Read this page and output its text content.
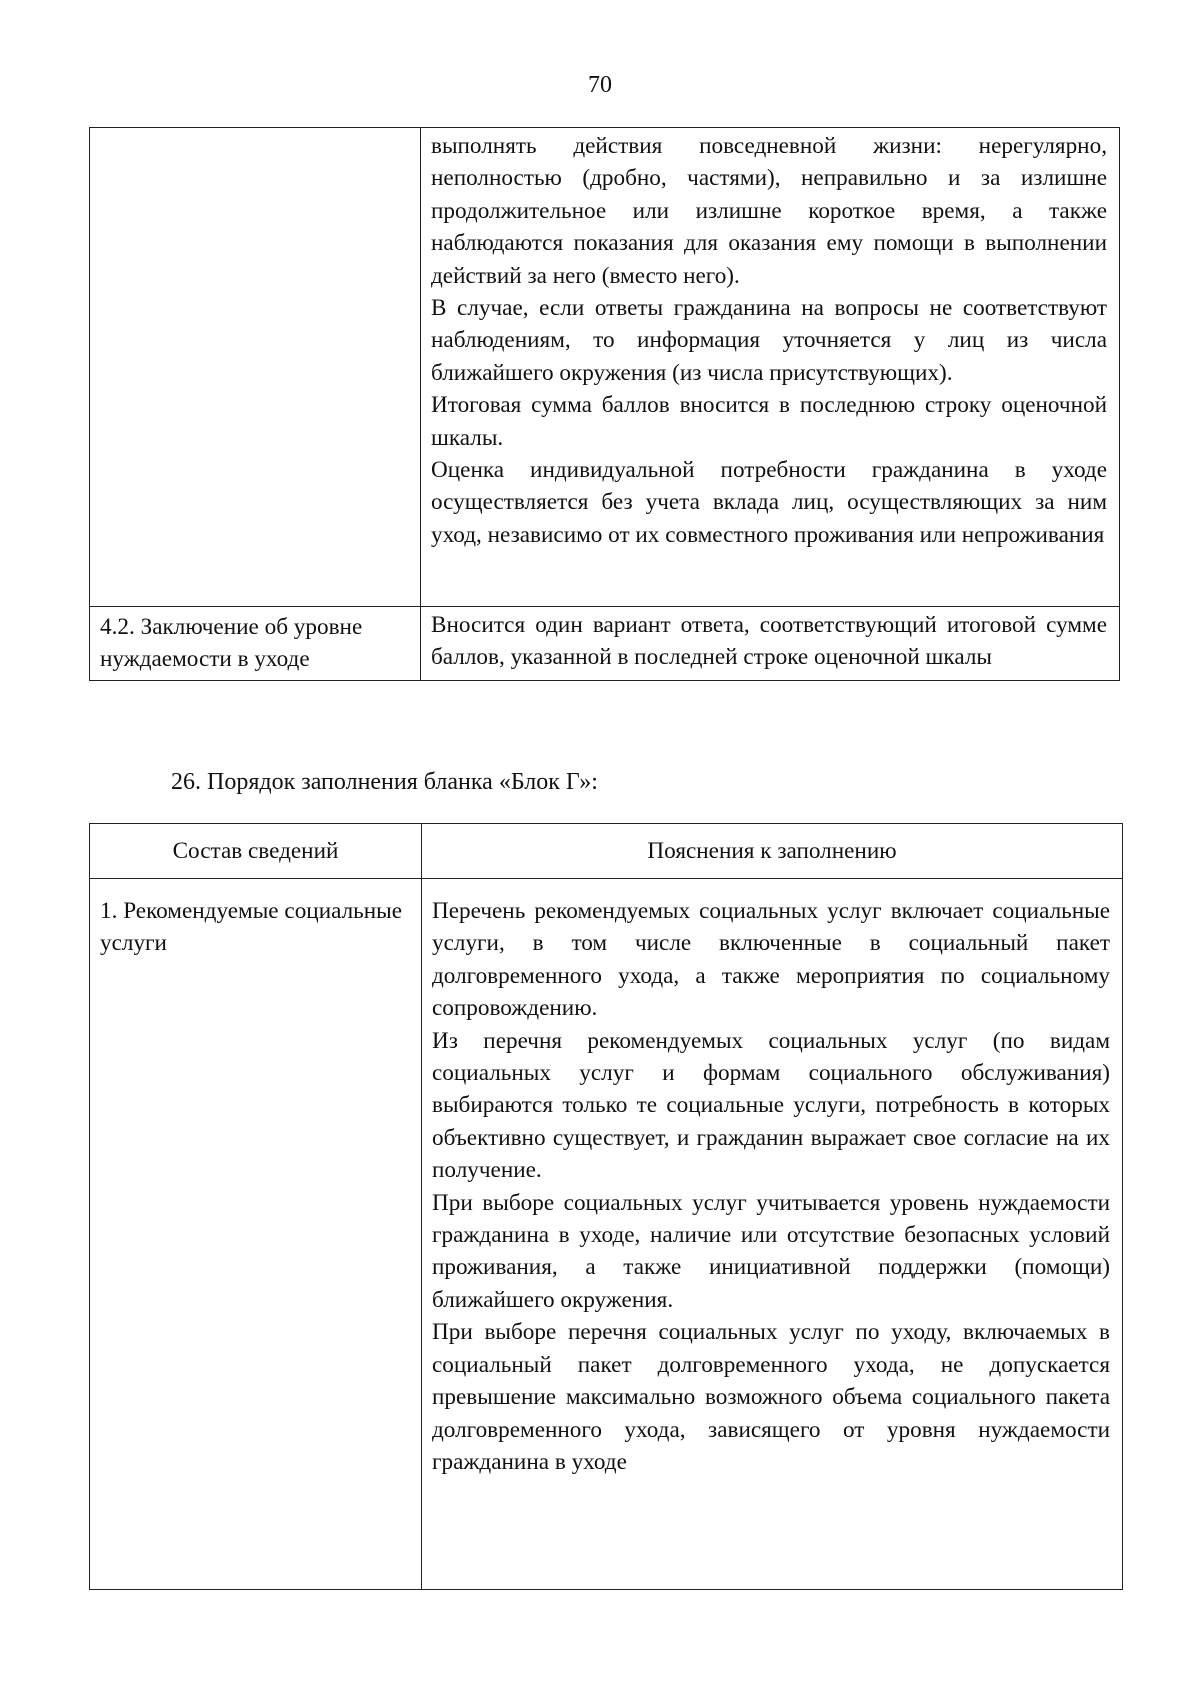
70

	выполнять действия повседневной жизни: нерегулярно, неполностью (дробно, частями), неправильно и за излишне продолжительное или излишне короткое время, а также наблюдаются показания для оказания ему помощи в выполнении действий за него (вместо него).
В случае, если ответы гражданина на вопросы не соответствуют наблюдениям, то информация уточняется у лиц из числа ближайшего окружения (из числа присутствующих).
Итоговая сумма баллов вносится в последнюю строку оценочной шкалы.
Оценка индивидуальной потребности гражданина в уходе осуществляется без учета вклада лиц, осуществляющих за ним уход, независимо от их совместного проживания или непроживания

4.2. Заключение об уровне нуждаемости в уходе	Вносится один вариант ответа, соответствующий итоговой сумме баллов, указанной в последней строке оценочной шкалы
26. Порядок заполнения бланка «Блок Г»:
Состав сведений	Пояснения к заполнению
1. Рекомендуемые социальные услуги	Перечень рекомендуемых социальных услуг включает социальные услуги, в том числе включенные в социальный пакет долговременного ухода, а также мероприятия по социальному сопровождению.
Из перечня рекомендуемых социальных услуг (по видам социальных услуг и формам социального обслуживания) выбираются только те социальные услуги, потребность в которых объективно существует, и гражданин выражает свое согласие на их получение.
При выборе социальных услуг учитывается уровень нуждаемости гражданина в уходе, наличие или отсутствие безопасных условий проживания, а также инициативной поддержки (помощи) ближайшего окружения.
При выборе перечня социальных услуг по уходу, включаемых в социальный пакет долговременного ухода, не допускается превышение максимально возможного объема социального пакета долговременного ухода, зависящего от уровня нуждаемости гражданина в уходе
